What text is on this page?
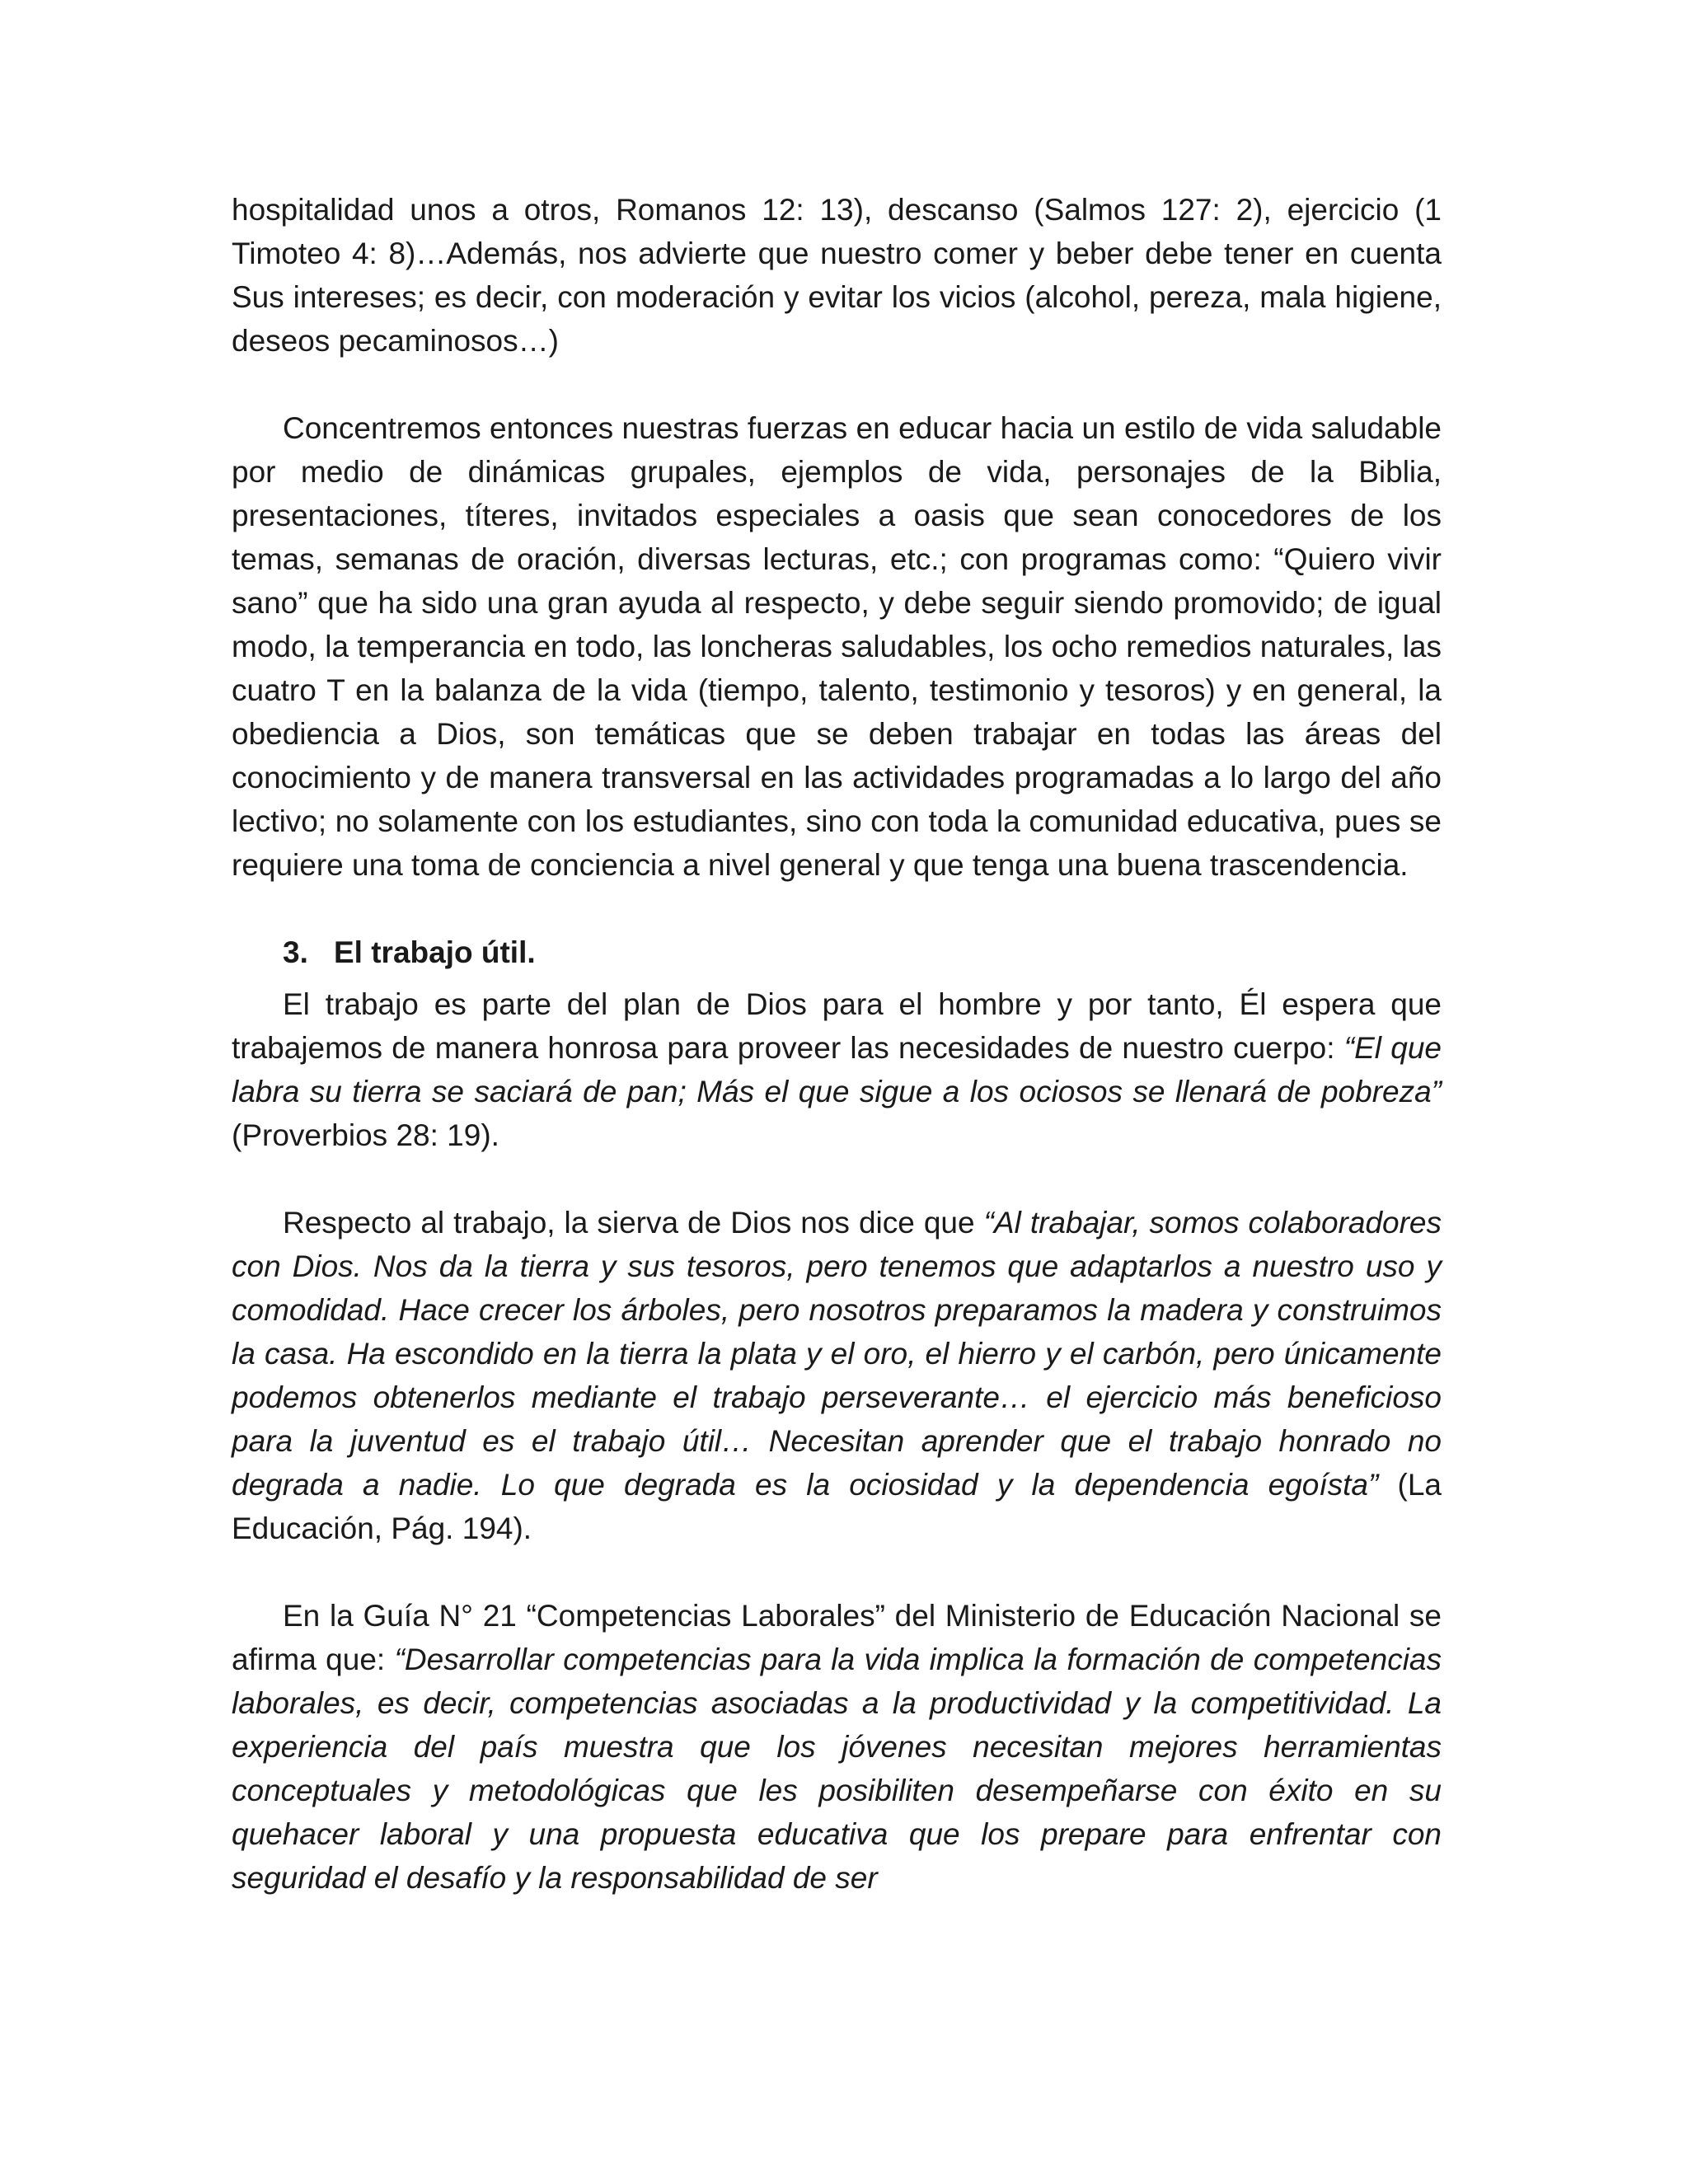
hospitalidad unos a otros, Romanos 12: 13), descanso (Salmos 127: 2), ejercicio (1 Timoteo 4: 8)…Además, nos advierte que nuestro comer y beber debe tener en cuenta Sus intereses; es decir, con moderación y evitar los vicios (alcohol, pereza, mala higiene, deseos pecaminosos…)

Concentremos entonces nuestras fuerzas en educar hacia un estilo de vida saludable por medio de dinámicas grupales, ejemplos de vida, personajes de la Biblia, presentaciones, títeres, invitados especiales a oasis que sean conocedores de los temas, semanas de oración, diversas lecturas, etc.; con programas como: “Quiero vivir sano” que ha sido una gran ayuda al respecto, y debe seguir siendo promovido; de igual modo, la temperancia en todo, las loncheras saludables, los ocho remedios naturales, las cuatro T en la balanza de la vida (tiempo, talento, testimonio y tesoros) y en general, la obediencia a Dios, son temáticas que se deben trabajar en todas las áreas del conocimiento y de manera transversal en las actividades programadas a lo largo del año lectivo; no solamente con los estudiantes, sino con toda la comunidad educativa, pues se requiere una toma de conciencia a nivel general y que tenga una buena trascendencia.

3. El trabajo útil.

El trabajo es parte del plan de Dios para el hombre y por tanto, Él espera que trabajemos de manera honrosa para proveer las necesidades de nuestro cuerpo: “El que labra su tierra se saciará de pan; Más el que sigue a los ociosos se llenará de pobreza” (Proverbios 28: 19).

Respecto al trabajo, la sierva de Dios nos dice que “Al trabajar, somos colaboradores con Dios. Nos da la tierra y sus tesoros, pero tenemos que adaptarlos a nuestro uso y comodidad. Hace crecer los árboles, pero nosotros preparamos la madera y construimos la casa. Ha escondido en la tierra la plata y el oro, el hierro y el carbón, pero únicamente podemos obtenerlos mediante el trabajo perseverante… el ejercicio más beneficioso para la juventud es el trabajo útil… Necesitan aprender que el trabajo honrado no degrada a nadie. Lo que degrada es la ociosidad y la dependencia egoísta” (La Educación, Pág. 194).

En la Guía N° 21 “Competencias Laborales” del Ministerio de Educación Nacional se afirma que: “Desarrollar competencias para la vida implica la formación de competencias laborales, es decir, competencias asociadas a la productividad y la competitividad. La experiencia del país muestra que los jóvenes necesitan mejores herramientas conceptuales y metodológicas que les posibiliten desempeñarse con éxito en su quehacer laboral y una propuesta educativa que los prepare para enfrentar con seguridad el desafío y la responsabilidad de ser
